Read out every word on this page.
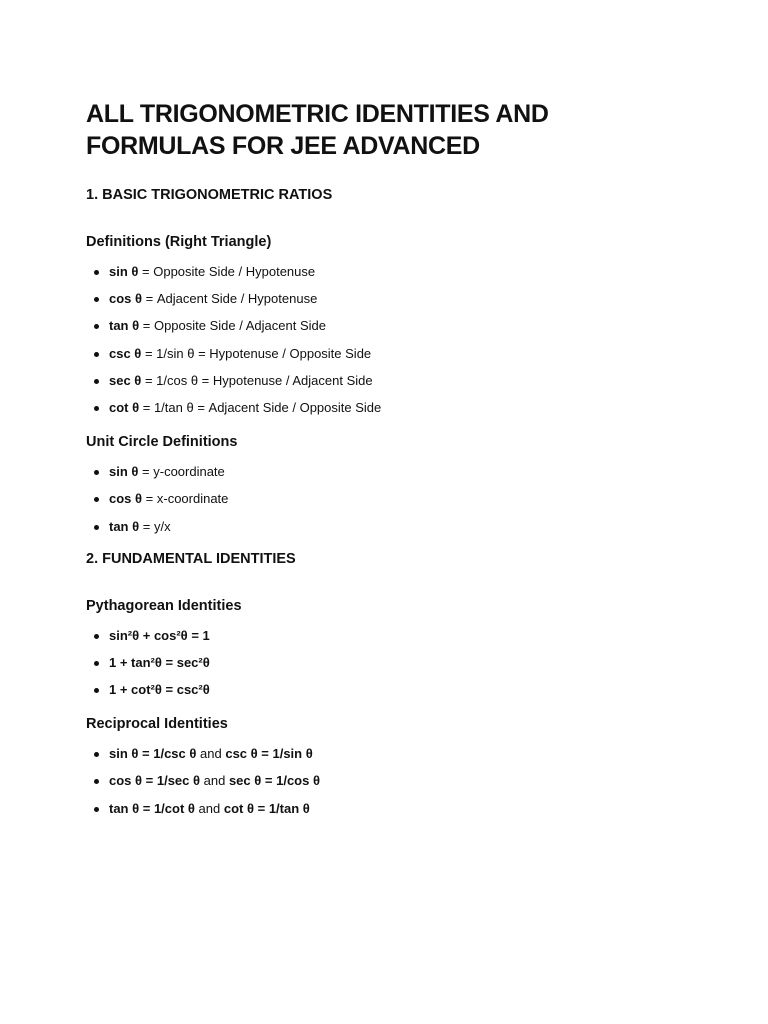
ALL TRIGONOMETRIC IDENTITIES AND FORMULAS FOR JEE ADVANCED
1. BASIC TRIGONOMETRIC RATIOS
Definitions (Right Triangle)
sin θ = Opposite Side / Hypotenuse
cos θ = Adjacent Side / Hypotenuse
tan θ = Opposite Side / Adjacent Side
csc θ = 1/sin θ = Hypotenuse / Opposite Side
sec θ = 1/cos θ = Hypotenuse / Adjacent Side
cot θ = 1/tan θ = Adjacent Side / Opposite Side
Unit Circle Definitions
sin θ = y-coordinate
cos θ = x-coordinate
tan θ = y/x
2. FUNDAMENTAL IDENTITIES
Pythagorean Identities
sin²θ + cos²θ = 1
1 + tan²θ = sec²θ
1 + cot²θ = csc²θ
Reciprocal Identities
sin θ = 1/csc θ and csc θ = 1/sin θ
cos θ = 1/sec θ and sec θ = 1/cos θ
tan θ = 1/cot θ and cot θ = 1/tan θ
